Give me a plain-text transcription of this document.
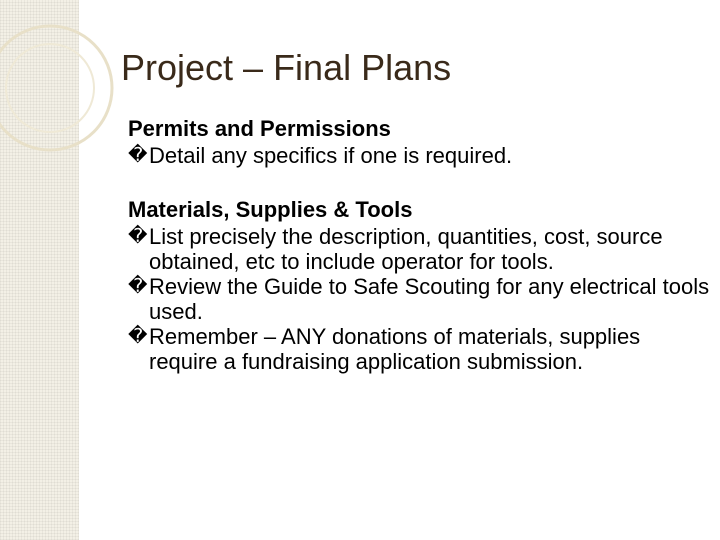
Project – Final Plans
Permits and Permissions
� Detail any specifics if one is required.
Materials, Supplies & Tools
� List precisely the description, quantities, cost, source obtained, etc to include operator for tools.
� Review the Guide to Safe Scouting for any electrical tools used.
� Remember – ANY donations of materials, supplies require a fundraising application submission.
